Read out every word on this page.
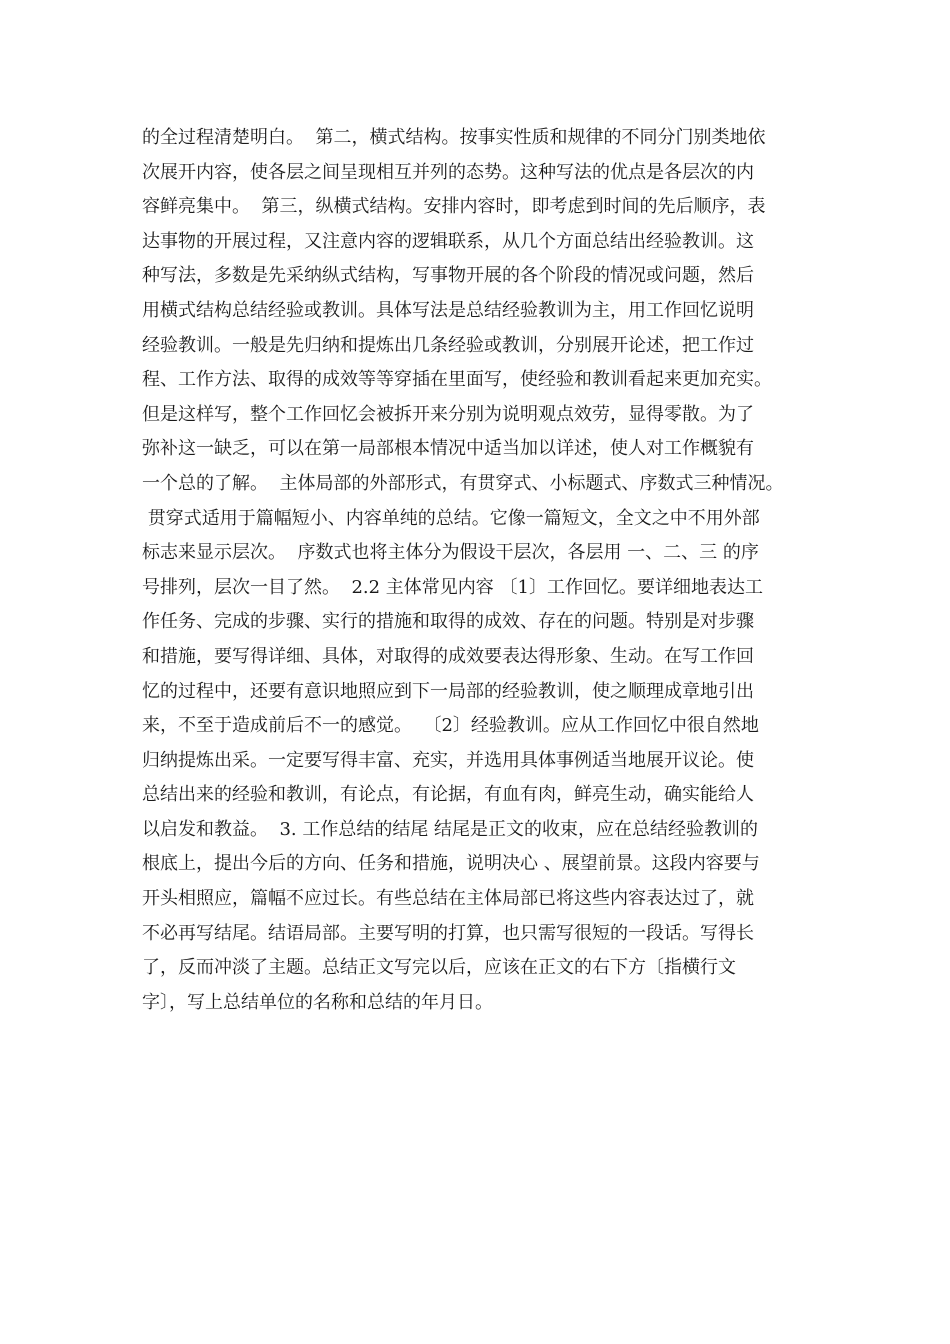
的全过程清楚明白。  第二，横式结构。按事实性质和规律的不同分门别类地依
次展开内容，使各层之间呈现相互并列的态势。这种写法的优点是各层次的内
容鲜亮集中。  第三，纵横式结构。安排内容时，即考虑到时间的先后顺序，表
达事物的开展过程，又注意内容的逻辑联系，从几个方面总结出经验教训。这
种写法，多数是先采纳纵式结构，写事物开展的各个阶段的情况或问题，然后
用横式结构总结经验或教训。具体写法是总结经验教训为主，用工作回忆说明
经验教训。一般是先归纳和提炼出几条经验或教训，分别展开论述，把工作过
程、工作方法、取得的成效等等穿插在里面写，使经验和教训看起来更加充实。
但是这样写，整个工作回忆会被拆开来分别为说明观点效劳，显得零散。为了
弥补这一缺乏，可以在第一局部根本情况中适当加以详述，使人对工作概貌有
一个总的了解。  主体局部的外部形式，有贯穿式、小标题式、序数式三种情况。
贯穿式适用于篇幅短小、内容单纯的总结。它像一篇短文，全文之中不用外部
标志来显示层次。  序数式也将主体分为假设干层次，各层用 一、二、三 的序
号排列，层次一目了然。  2.2 主体常见内容 〔1〕工作回忆。要详细地表达工
作任务、完成的步骤、实行的措施和取得的成效、存在的问题。特别是对步骤
和措施，要写得详细、具体，对取得的成效要表达得形象、生动。在写工作回
忆的过程中，还要有意识地照应到下一局部的经验教训，使之顺理成章地引出
来，不至于造成前后不一的感觉。  〔2〕经验教训。应从工作回忆中很自然地
归纳提炼出采。一定要写得丰富、充实，并选用具体事例适当地展开议论。使
总结出来的经验和教训，有论点，有论据，有血有肉，鲜亮生动，确实能给人
以启发和教益。  3. 工作总结的结尾 结尾是正文的收束，应在总结经验教训的
根底上，提出今后的方向、任务和措施，说明决心 、展望前景。这段内容要与
开头相照应，篇幅不应过长。有些总结在主体局部已将这些内容表达过了，就
不必再写结尾。结语局部。主要写明的打算，也只需写很短的一段话。写得长
了，反而冲淡了主题。总结正文写完以后，应该在正文的右下方〔指横行文
字〕，写上总结单位的名称和总结的年月日。
